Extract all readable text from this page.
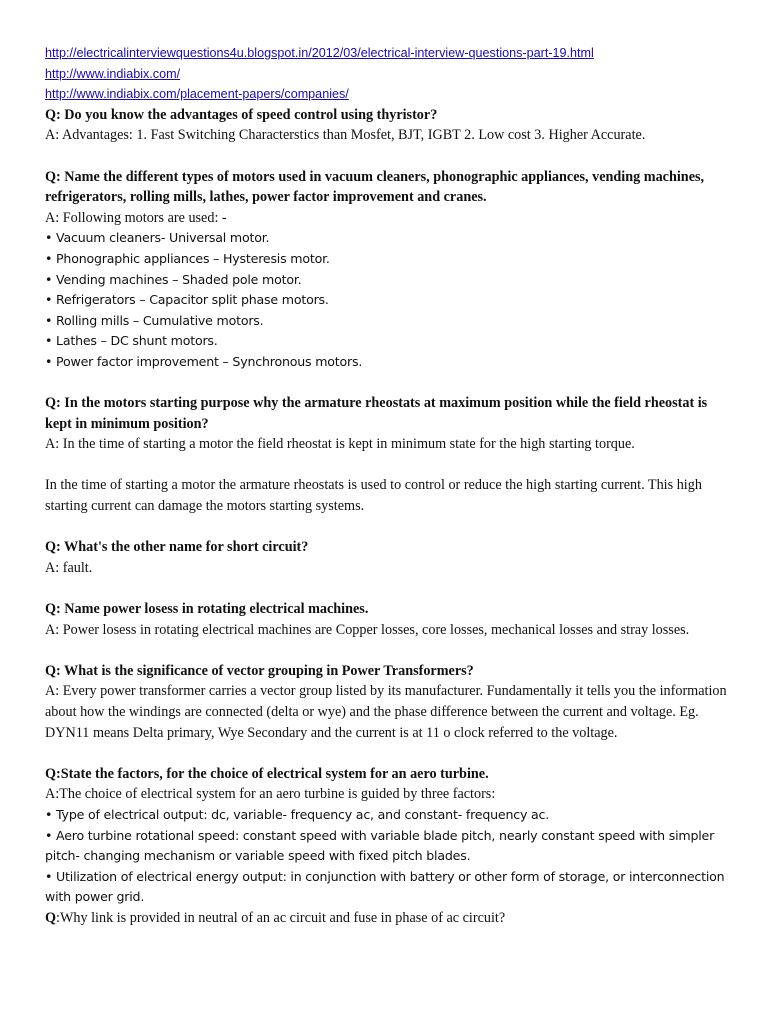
http://electricalinterviewquestions4u.blogspot.in/2012/03/electrical-interview-questions-part-19.html
http://www.indiabix.com/
http://www.indiabix.com/placement-papers/companies/

Q: Do you know the advantages of speed control using thyristor?

A: Advantages: 1. Fast Switching Characterstics than Mosfet, BJT, IGBT 2. Low cost 3. Higher Accurate.

Q: Name the different types of motors used in vacuum cleaners, phonographic appliances, vending machines, refrigerators, rolling mills, lathes, power factor improvement and cranes.

A: Following motors are used: -

• Vacuum cleaners- Universal motor.
• Phonographic appliances – Hysteresis motor.
• Vending machines – Shaded pole motor.
• Refrigerators – Capacitor split phase motors.
• Rolling mills – Cumulative motors.
• Lathes – DC shunt motors.
• Power factor improvement – Synchronous motors.

Q: In the motors starting purpose why the armature rheostats at maximum position while the field rheostat is kept in minimum position?

A: In the time of starting a motor the field rheostat is kept in minimum state for the high starting torque.

In the time of starting a motor the armature rheostats is used to control or reduce the high starting current. This high starting current can damage the motors starting systems.

Q: What's the other name for short circuit?

A: fault.

Q: Name power losess in rotating electrical machines.

A: Power losess in rotating electrical machines are Copper losses, core losses, mechanical losses and stray losses.

Q: What is the significance of vector grouping in Power Transformers?

A: Every power transformer carries a vector group listed by its manufacturer. Fundamentally it tells you the information about how the windings are connected (delta or wye) and the phase difference between the current and voltage. Eg. DYN11 means Delta primary, Wye Secondary and the current is at 11 o clock referred to the voltage.

Q:State the factors, for the choice of electrical system for an aero turbine.

A:The choice of electrical system for an aero turbine is guided by three factors:

• Type of electrical output: dc, variable- frequency ac, and constant- frequency ac.
• Aero turbine rotational speed: constant speed with variable blade pitch, nearly constant speed with simpler pitch- changing mechanism or variable speed with fixed pitch blades.
• Utilization of electrical energy output: in conjunction with battery or other form of storage, or interconnection with power grid.

Q:Why link is provided in neutral of an ac circuit and fuse in phase of ac circuit?
